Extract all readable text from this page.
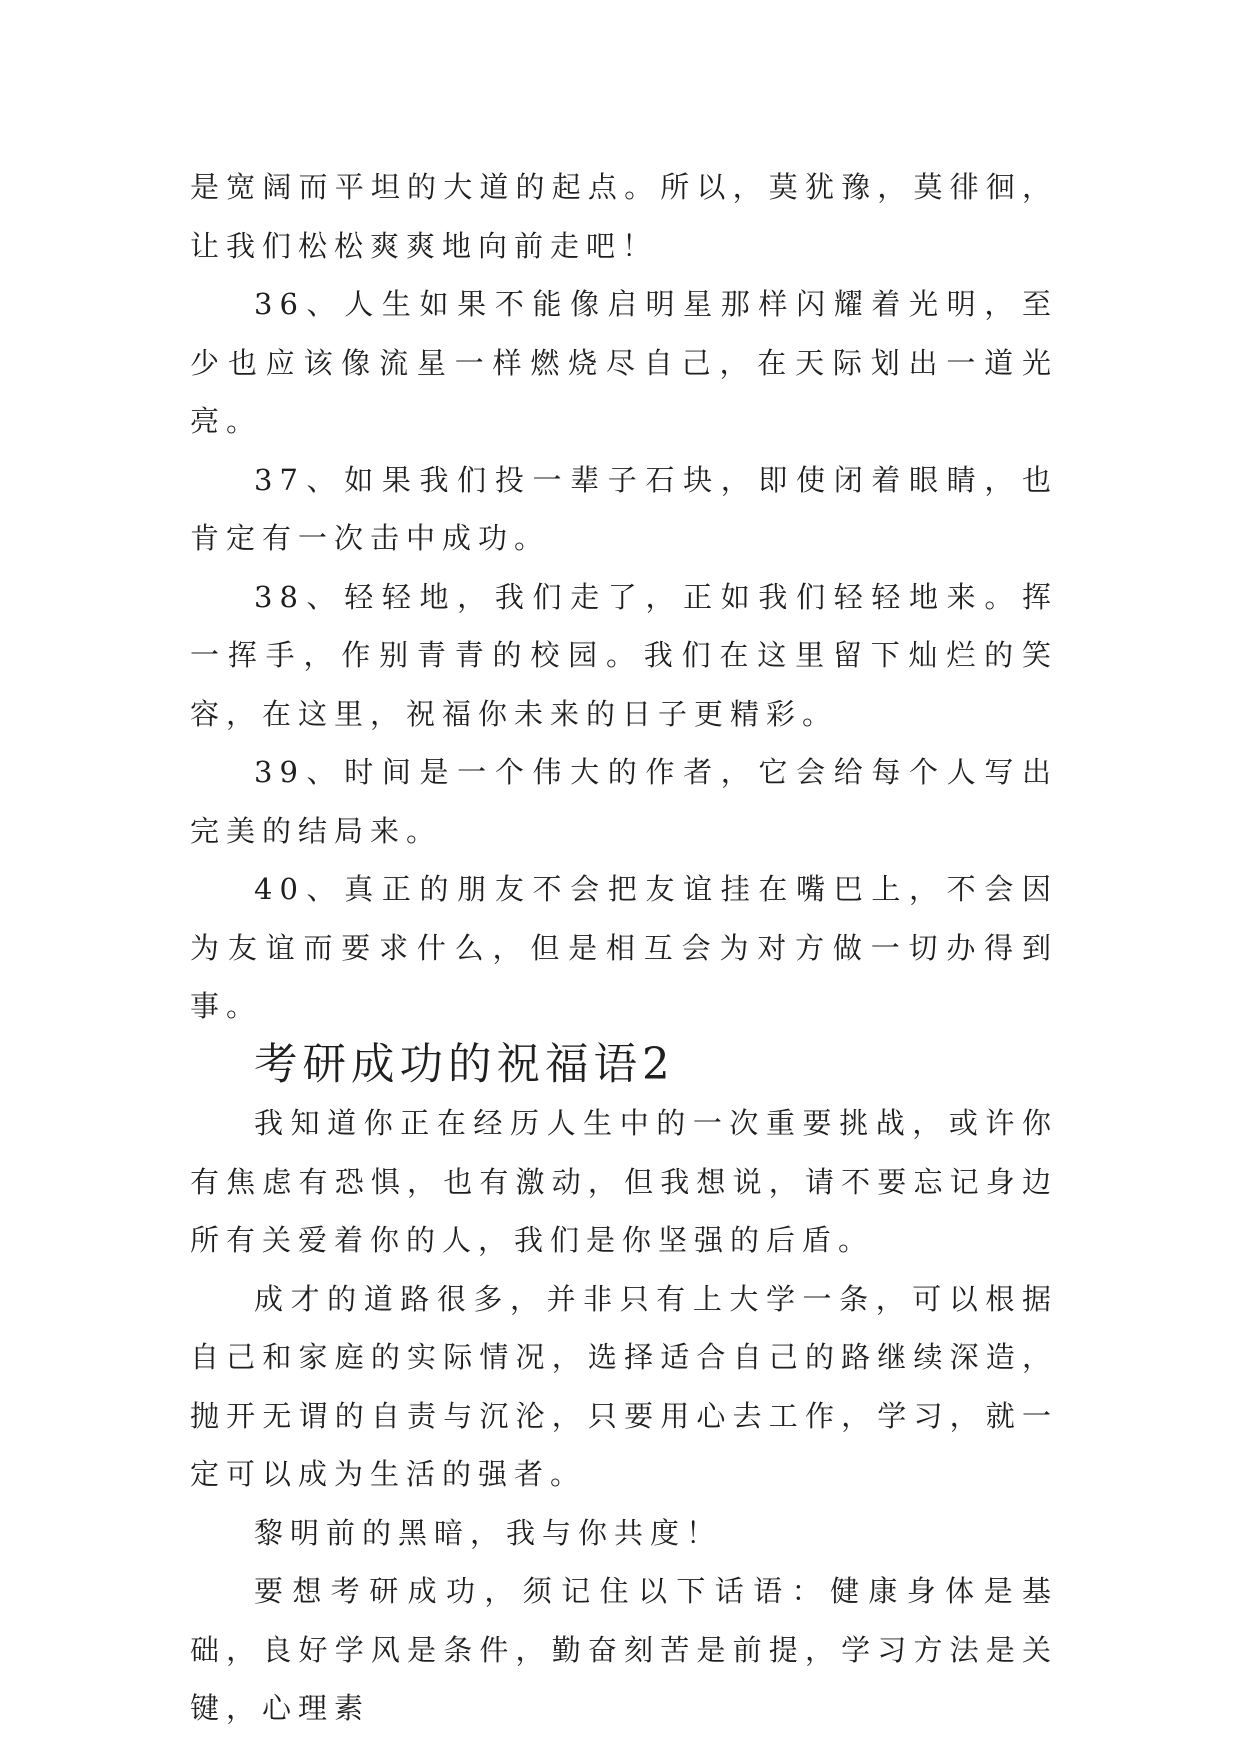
是宽阔而平坦的大道的起点。所以，莫犹豫，莫徘徊，让我们松松爽爽地向前走吧！

36、人生如果不能像启明星那样闪耀着光明，至少也应该像流星一样燃烧尽自己，在天际划出一道光亮。

37、如果我们投一辈子石块，即使闭着眼睛，也肯定有一次击中成功。

38、轻轻地，我们走了，正如我们轻轻地来。挥一挥手，作别青青的校园。我们在这里留下灿烂的笑容，在这里，祝福你未来的日子更精彩。

39、时间是一个伟大的作者，它会给每个人写出完美的结局来。

40、真正的朋友不会把友谊挂在嘴巴上，不会因为友谊而要求什么，但是相互会为对方做一切办得到事。

考研成功的祝福语2

我知道你正在经历人生中的一次重要挑战，或许你有焦虑有恐惧，也有激动，但我想说，请不要忘记身边所有关爱着你的人，我们是你坚强的后盾。

成才的道路很多，并非只有上大学一条，可以根据自己和家庭的实际情况，选择适合自己的路继续深造，抛开无谓的自责与沉沦，只要用心去工作，学习，就一定可以成为生活的强者。

黎明前的黑暗，我与你共度！

要想考研成功，须记住以下话语：健康身体是基础，良好学风是条件，勤奋刻苦是前提，学习方法是关键，心理素
